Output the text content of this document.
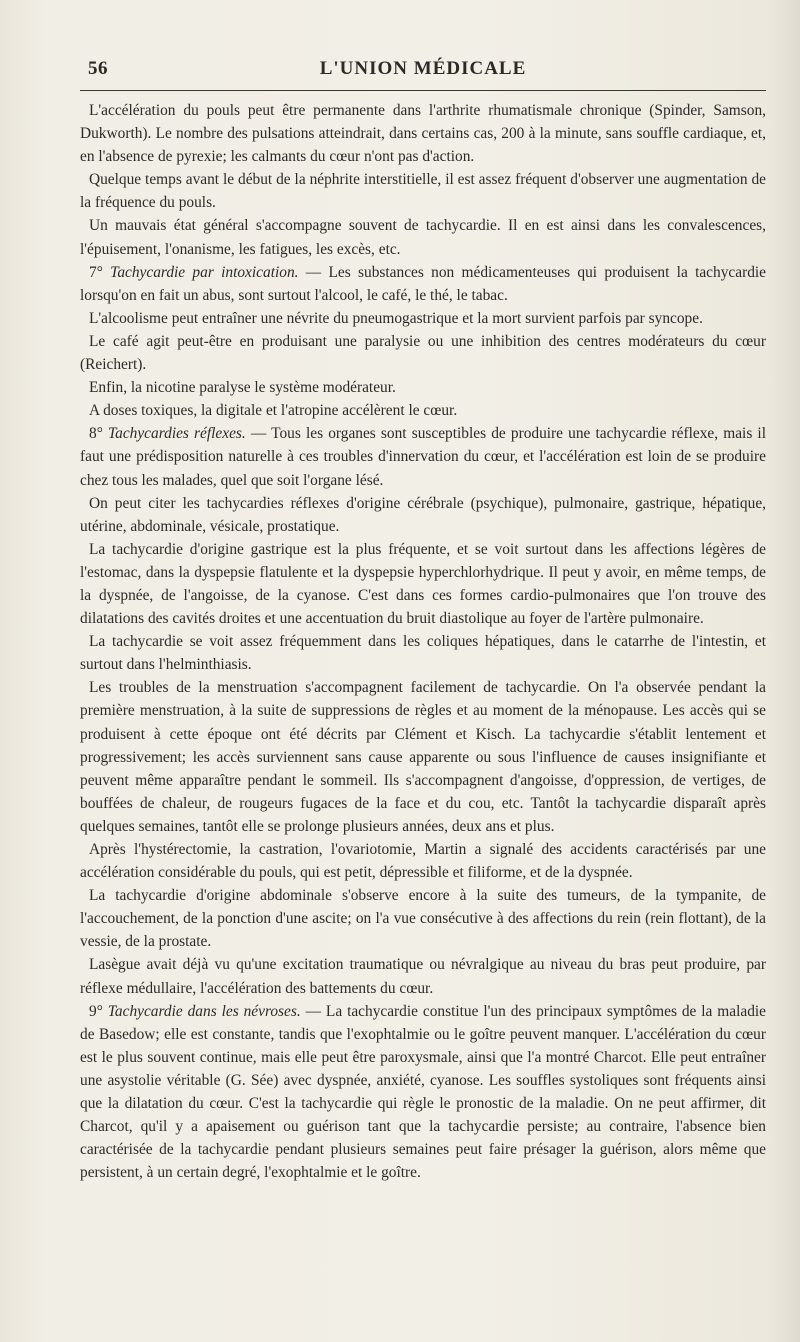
56	L'UNION MÉDICALE

L'accélération du pouls peut être permanente dans l'arthrite rhumatismale chronique (Spinder, Samson, Dukworth). Le nombre des pulsations atteindrait, dans certains cas, 200 à la minute, sans souffle cardiaque, et, en l'absence de pyrexie; les calmants du cœur n'ont pas d'action.

Quelque temps avant le début de la néphrite interstitielle, il est assez fréquent d'observer une augmentation de la fréquence du pouls.

Un mauvais état général s'accompagne souvent de tachycardie. Il en est ainsi dans les convalescences, l'épuisement, l'onanisme, les fatigues, les excès, etc.

7° Tachycardie par intoxication. — Les substances non médicamenteuses qui produisent la tachycardie lorsqu'on en fait un abus, sont surtout l'alcool, le café, le thé, le tabac.

L'alcoolisme peut entraîner une névrite du pneumogastrique et la mort survient parfois par syncope.

Le café agit peut-être en produisant une paralysie ou une inhibition des centres modérateurs du cœur (Reichert).

Enfin, la nicotine paralyse le système modérateur.

A doses toxiques, la digitale et l'atropine accélèrent le cœur.

8° Tachycardies réflexes. — Tous les organes sont susceptibles de produire une tachycardie réflexe, mais il faut une prédisposition naturelle à ces troubles d'innervation du cœur, et l'accélération est loin de se produire chez tous les malades, quel que soit l'organe lésé.

On peut citer les tachycardies réflexes d'origine cérébrale (psychique), pulmonaire, gastrique, hépatique, utérine, abdominale, vésicale, prostatique.

La tachycardie d'origine gastrique est la plus fréquente, et se voit surtout dans les affections légères de l'estomac, dans la dyspepsie flatulente et la dyspepsie hyperchlorhydrique. Il peut y avoir, en même temps, de la dyspnée, de l'angoisse, de la cyanose. C'est dans ces formes cardio-pulmonaires que l'on trouve des dilatations des cavités droites et une accentuation du bruit diastolique au foyer de l'artère pulmonaire.

La tachycardie se voit assez fréquemment dans les coliques hépatiques, dans le catarrhe de l'intestin, et surtout dans l'helminthiasis.

Les troubles de la menstruation s'accompagnent facilement de tachycardie. On l'a observée pendant la première menstruation, à la suite de suppressions de règles et au moment de la ménopause. Les accès qui se produisent à cette époque ont été décrits par Clément et Kisch. La tachycardie s'établit lentement et progressivement; les accès surviennent sans cause apparente ou sous l'influence de causes insignifiante et peuvent même apparaître pendant le sommeil. Ils s'accompagnent d'angoisse, d'oppression, de vertiges, de bouffées de chaleur, de rougeurs fugaces de la face et du cou, etc. Tantôt la tachycardie disparaît après quelques semaines, tantôt elle se prolonge plusieurs années, deux ans et plus.

Après l'hystérectomie, la castration, l'ovariotomie, Martin a signalé des accidents caractérisés par une accélération considérable du pouls, qui est petit, dépressible et filiforme, et de la dyspnée.

La tachycardie d'origine abdominale s'observe encore à la suite des tumeurs, de la tympanite, de l'accouchement, de la ponction d'une ascite; on l'a vue consécutive à des affections du rein (rein flottant), de la vessie, de la prostate.

Lasègue avait déjà vu qu'une excitation traumatique ou névralgique au niveau du bras peut produire, par réflexe médullaire, l'accélération des battements du cœur.

9° Tachycardie dans les névroses. — La tachycardie constitue l'un des principaux symptômes de la maladie de Basedow; elle est constante, tandis que l'exophtalmie ou le goître peuvent manquer. L'accélération du cœur est le plus souvent continue, mais elle peut être paroxysmale, ainsi que l'a montré Charcot. Elle peut entraîner une asystolie véritable (G. Sée) avec dyspnée, anxiété, cyanose. Les souffles systoliques sont fréquents ainsi que la dilatation du cœur. C'est la tachycardie qui règle le pronostic de la maladie. On ne peut affirmer, dit Charcot, qu'il y a apaisement ou guérison tant que la tachycardie persiste; au contraire, l'absence bien caractérisée de la tachycardie pendant plusieurs semaines peut faire présager la guérison, alors même que persistent, à un certain degré, l'exophtalmie et le goître.
